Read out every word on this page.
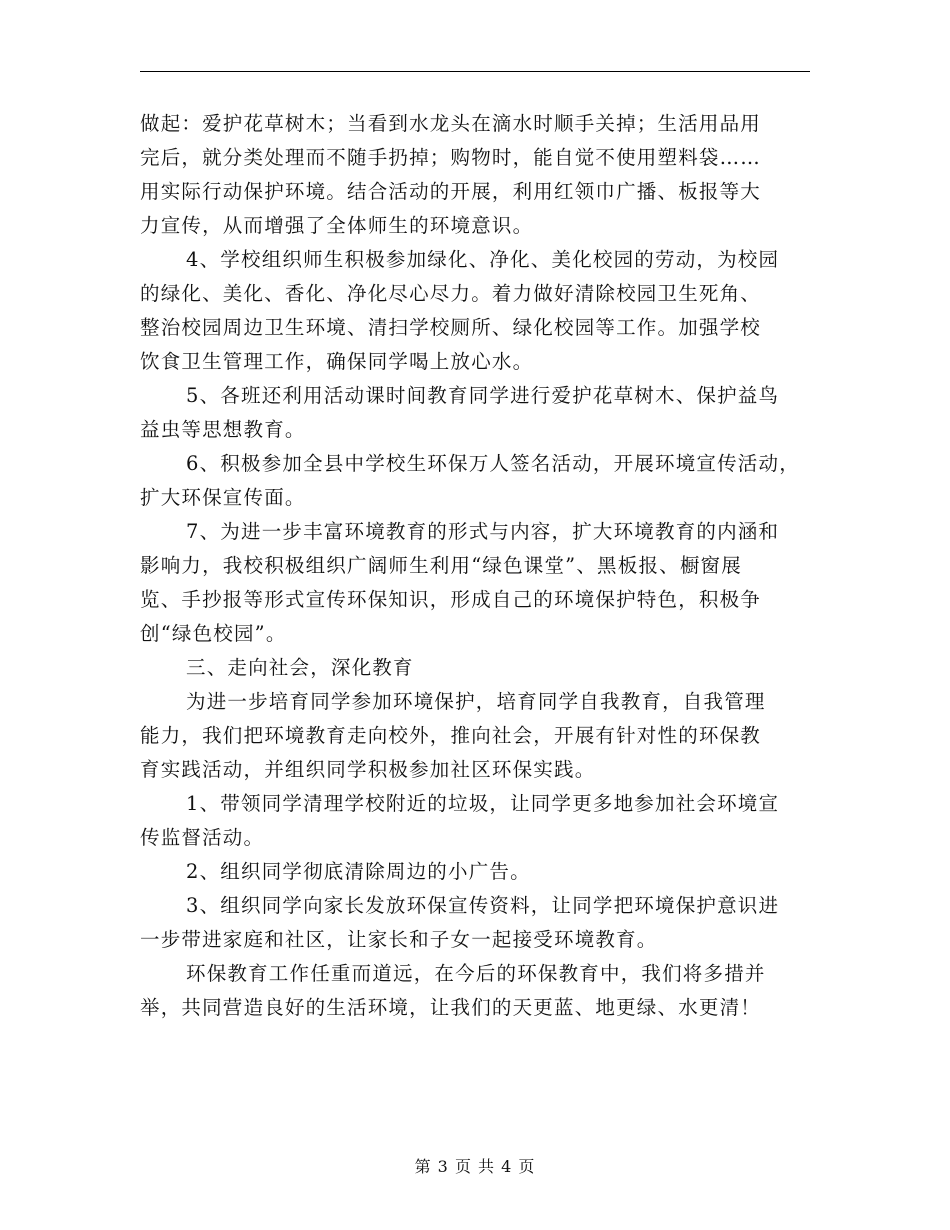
做起：爱护花草树木；当看到水龙头在滴水时顺手关掉；生活用品用
完后，就分类处理而不随手扔掉；购物时，能自觉不使用塑料袋……
用实际行动保护环境。结合活动的开展，利用红领巾广播、板报等大
力宣传，从而增强了全体师生的环境意识。
4、学校组织师生积极参加绿化、净化、美化校园的劳动，为校园
的绿化、美化、香化、净化尽心尽力。着力做好清除校园卫生死角、
整治校园周边卫生环境、清扫学校厕所、绿化校园等工作。加强学校
饮食卫生管理工作，确保同学喝上放心水。
5、各班还利用活动课时间教育同学进行爱护花草树木、保护益鸟
益虫等思想教育。
6、积极参加全县中学校生环保万人签名活动，开展环境宣传活动，
扩大环保宣传面。
7、为进一步丰富环境教育的形式与内容，扩大环境教育的内涵和
影响力，我校积极组织广阔师生利用“绿色课堂”、黑板报、橱窗展
览、手抄报等形式宣传环保知识，形成自己的环境保护特色，积极争
创“绿色校园”。
三、走向社会，深化教育
为进一步培育同学参加环境保护，培育同学自我教育，自我管理
能力，我们把环境教育走向校外，推向社会，开展有针对性的环保教
育实践活动，并组织同学积极参加社区环保实践。
1、带领同学清理学校附近的垃圾，让同学更多地参加社会环境宣
传监督活动。
2、组织同学彻底清除周边的小广告。
3、组织同学向家长发放环保宣传资料，让同学把环境保护意识进
一步带进家庭和社区，让家长和子女一起接受环境教育。
环保教育工作任重而道远，在今后的环保教育中，我们将多措并
举，共同营造良好的生活环境，让我们的天更蓝、地更绿、水更清！
第 3 页 共 4 页
